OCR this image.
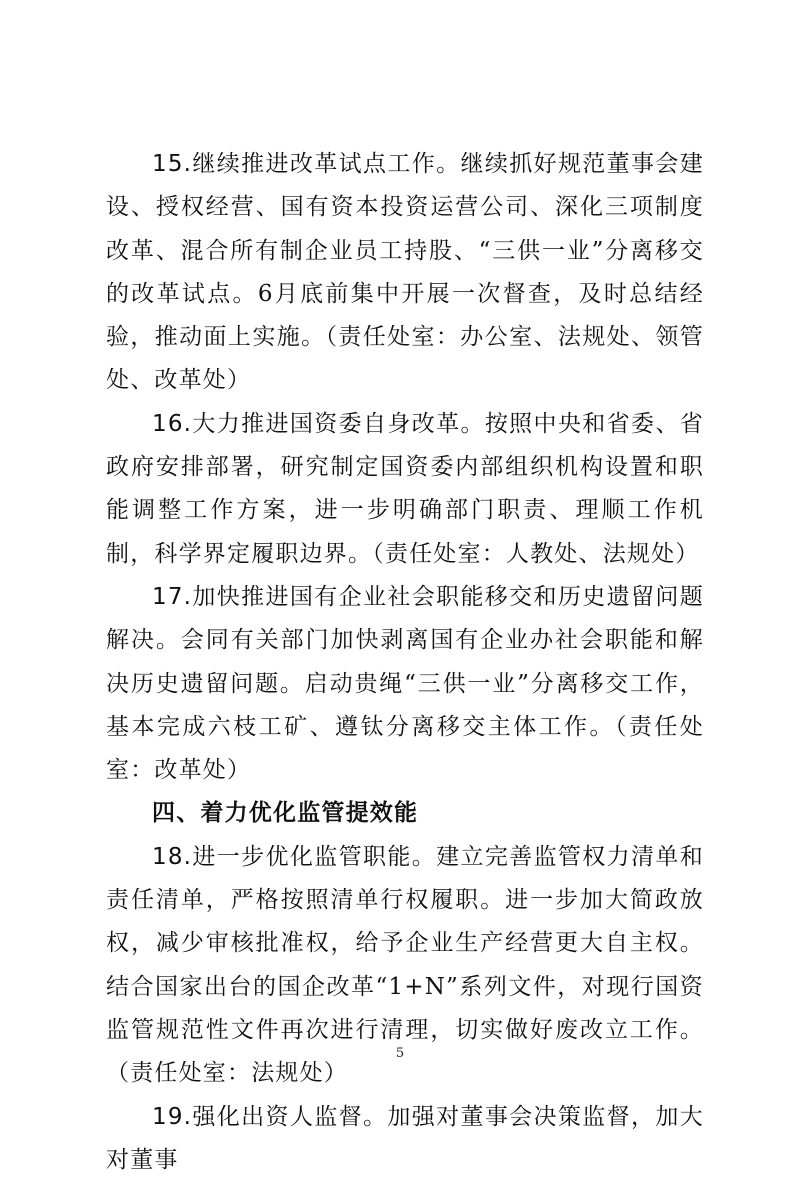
15.继续推进改革试点工作。继续抓好规范董事会建设、授权经营、国有资本投资运营公司、深化三项制度改革、混合所有制企业员工持股、“三供一业”分离移交的改革试点。6月底前集中开展一次督查，及时总结经验，推动面上实施。（责任处室：办公室、法规处、领管处、改革处）

16.大力推进国资委自身改革。按照中央和省委、省政府安排部署，研究制定国资委内部组织机构设置和职能调整工作方案，进一步明确部门职责、理顺工作机制，科学界定履职边界。（责任处室：人教处、法规处）

17.加快推进国有企业社会职能移交和历史遗留问题解决。会同有关部门加快剥离国有企业办社会职能和解决历史遗留问题。启动贵绳“三供一业”分离移交工作，基本完成六枝工矿、遵钛分离移交主体工作。（责任处室：改革处）

四、着力优化监管提效能

18.进一步优化监管职能。建立完善监管权力清单和责任清单，严格按照清单行权履职。进一步加大简政放权，减少审核批准权，给予企业生产经营更大自主权。结合国家出台的国企改革“1+N”系列文件，对现行国资监管规范性文件再次进行清理，切实做好废改立工作。（责任处室：法规处）

19.强化出资人监督。加强对董事会决策监督，加大对董事

5
